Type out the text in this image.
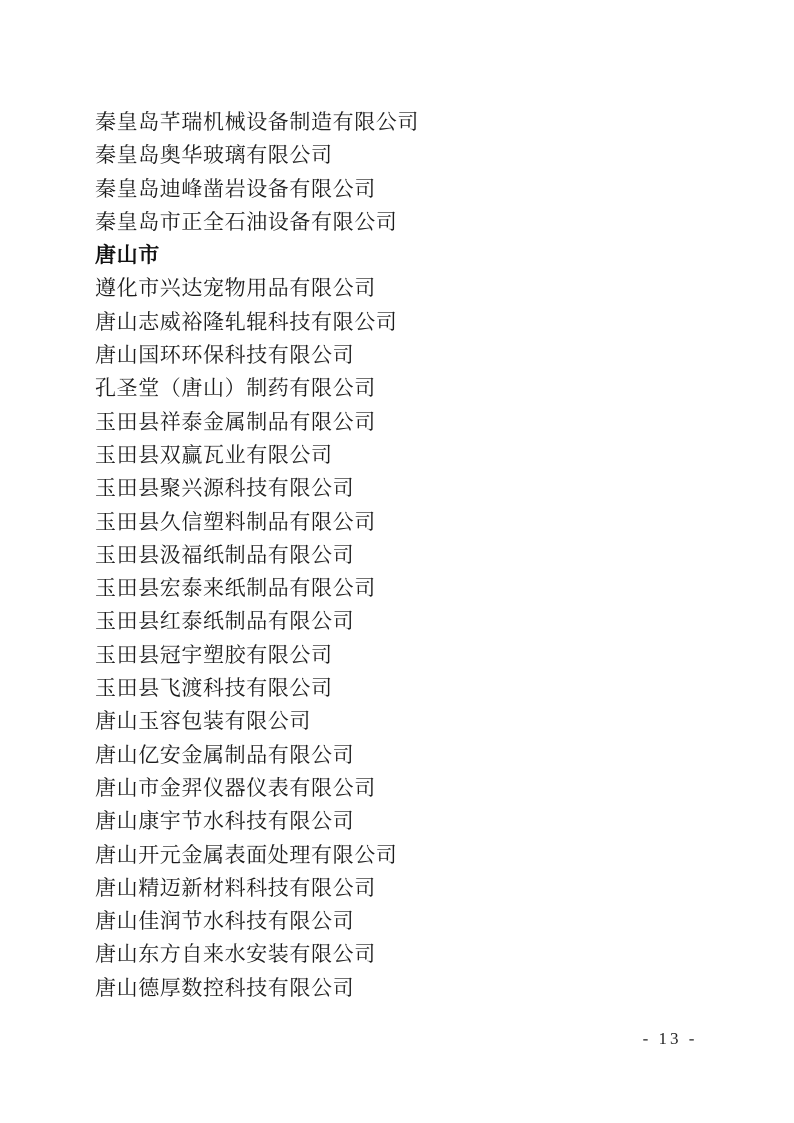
秦皇岛芊瑞机械设备制造有限公司
秦皇岛奥华玻璃有限公司
秦皇岛迪峰凿岩设备有限公司
秦皇岛市正全石油设备有限公司
唐山市
遵化市兴达宠物用品有限公司
唐山志威裕隆轧辊科技有限公司
唐山国环环保科技有限公司
孔圣堂（唐山）制药有限公司
玉田县祥泰金属制品有限公司
玉田县双赢瓦业有限公司
玉田县聚兴源科技有限公司
玉田县久信塑料制品有限公司
玉田县汲福纸制品有限公司
玉田县宏泰来纸制品有限公司
玉田县红泰纸制品有限公司
玉田县冠宇塑胶有限公司
玉田县飞渡科技有限公司
唐山玉容包装有限公司
唐山亿安金属制品有限公司
唐山市金羿仪器仪表有限公司
唐山康宇节水科技有限公司
唐山开元金属表面处理有限公司
唐山精迈新材料科技有限公司
唐山佳润节水科技有限公司
唐山东方自来水安装有限公司
唐山德厚数控科技有限公司
- 13 -
